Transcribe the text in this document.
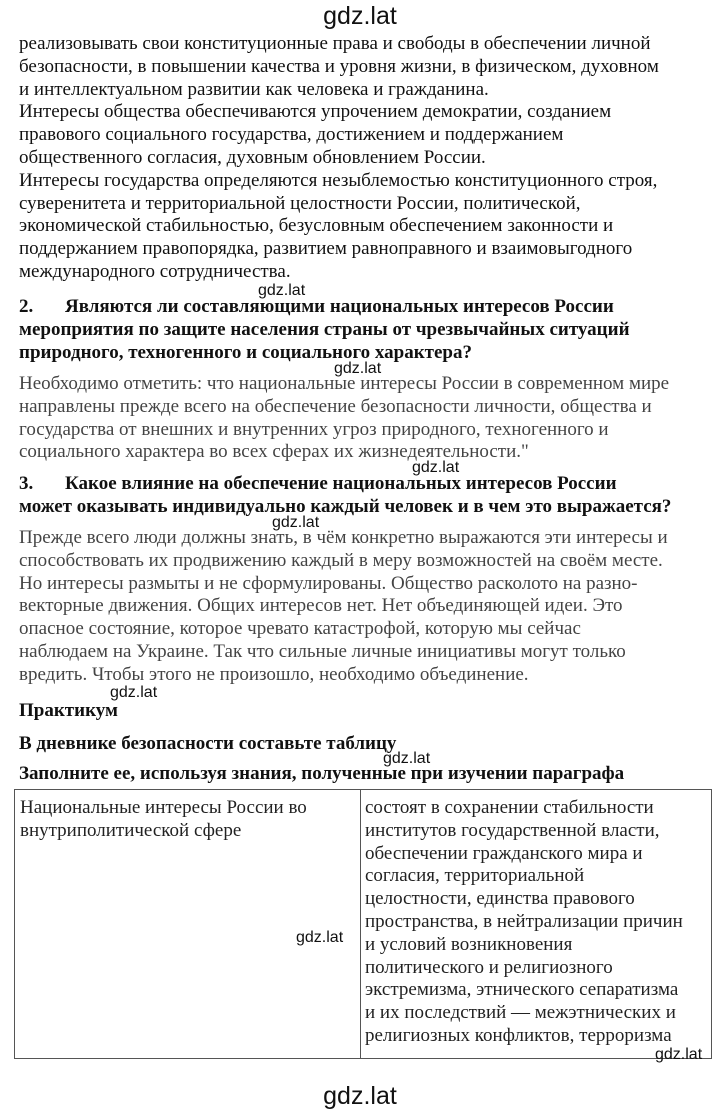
gdz.lat
реализовывать свои конституционные права и свободы в обеспечении личной
безопасности, в повышении качества и уровня жизни, в физическом, духовном
и интеллектуальном развитии как человека и гражданина.
Интересы общества обеспечиваются упрочением демократии, созданием
правового социального государства, достижением и поддержанием
общественного согласия, духовным обновлением России.
Интересы государства определяются незыблемостью конституционного строя,
суверенитета и территориальной целостности России, политической,
экономической стабильностью, безусловным обеспечением законности и
поддержанием правопорядка, развитием равноправного и взаимовыгодного
международного сотрудничества.
gdz.lat
2. Являются ли составляющими национальных интересов России
мероприятия по защите населения страны от чрезвычайных ситуаций
природного, техногенного и социального характера?
gdz.lat
Необходимо отметить: что национальные интересы России в современном мире
направлены прежде всего на обеспечение безопасности личности, общества и
государства от внешних и внутренних угроз природного, техногенного и
социального характера во всех сферах их жизнедеятельности."
gdz.lat
3. Какое влияние на обеспечение национальных интересов России
может оказывать индивидуально каждый человек и в чем это выражается?
gdz.lat
Прежде всего люди должны знать, в чём конкретно выражаются эти интересы и
способствовать их продвижению каждый в меру возможностей на своём месте.
Но интересы размыты и не сформулированы. Общество расколото на разно-
векторные движения. Общих интересов нет. Нет объединяющей идеи. Это
опасное состояние, которое чревато катастрофой, которую мы сейчас
наблюдаем на Украине. Так что сильные личные инициативы могут только
вредить. Чтобы этого не произошло, необходимо объединение.
gdz.lat
Практикум
В дневнике безопасности составьте таблицу
gdz.lat
Заполните ее, используя знания, полученные при изучении параграфа
Национальные интересы России во
внутриполитической сфере
состоят в сохранении стабильности
институтов государственной власти,
обеспечении гражданского мира и
согласия, территориальной
целостности, единства правового
пространства, в нейтрализации причин
и условий возникновения
политического и религиозного
экстремизма, этнического сепаратизма
и их последствий — межэтнических и
религиозных конфликтов, терроризма
gdz.lat
gdz.lat
gdz.lat
